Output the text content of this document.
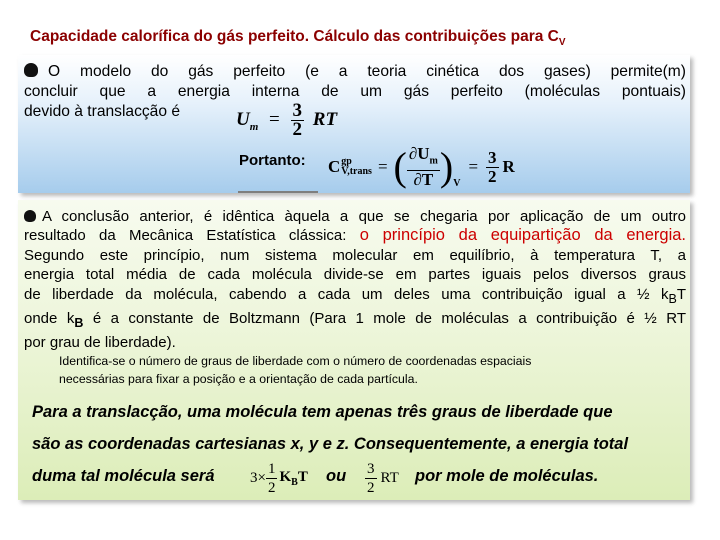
Capacidade calorífica do gás perfeito. Cálculo das contribuições para $C_V$
O modelo do gás perfeito (e a teoria cinética dos gases) permite(m)
concluir que a energia interna de um gás perfeito (moléculas pontuais)
devido à translacção é	$U_m = \frac{3}{2}$ RT
Portanto: C gp
V,trans = ( $\frac{\partial U_m}{\partial T} )_V$
= $\frac{3}{2}$ R
A conclusão anterior, é idêntica àquela a que se chegaria por aplicação de um outro
resultado da Mecânica Estatística clássica: o princípio da equipartição da energia.
Segundo este princípio, num sistema molecular em equilíbrio, à temperatura T, a
energia total média de cada molécula divide-se em partes iguais pelos diversos graus
de liberdade da molécula, cabendo a cada um deles uma contribuição igual a ½ $k_BT$
onde $k_B$ é a constante de Boltzmann (Para 1 mole de moléculas a contribuição é ½ RT
por grau de liberdade).
Identifica-se o número de graus de liberdade com o número de coordenadas espaciais
necessárias para fixar a posição e a orientação de cada partícula.
Para a translacção, uma molécula tem apenas três graus de liberdade que
são as coordenadas cartesianas x, y e z. Consequentemente, a energia total
duma tal molécula será $3\times \frac{1}{2} K_BT$ ou $\frac{3}{2}$ RT por mole de moléculas.
